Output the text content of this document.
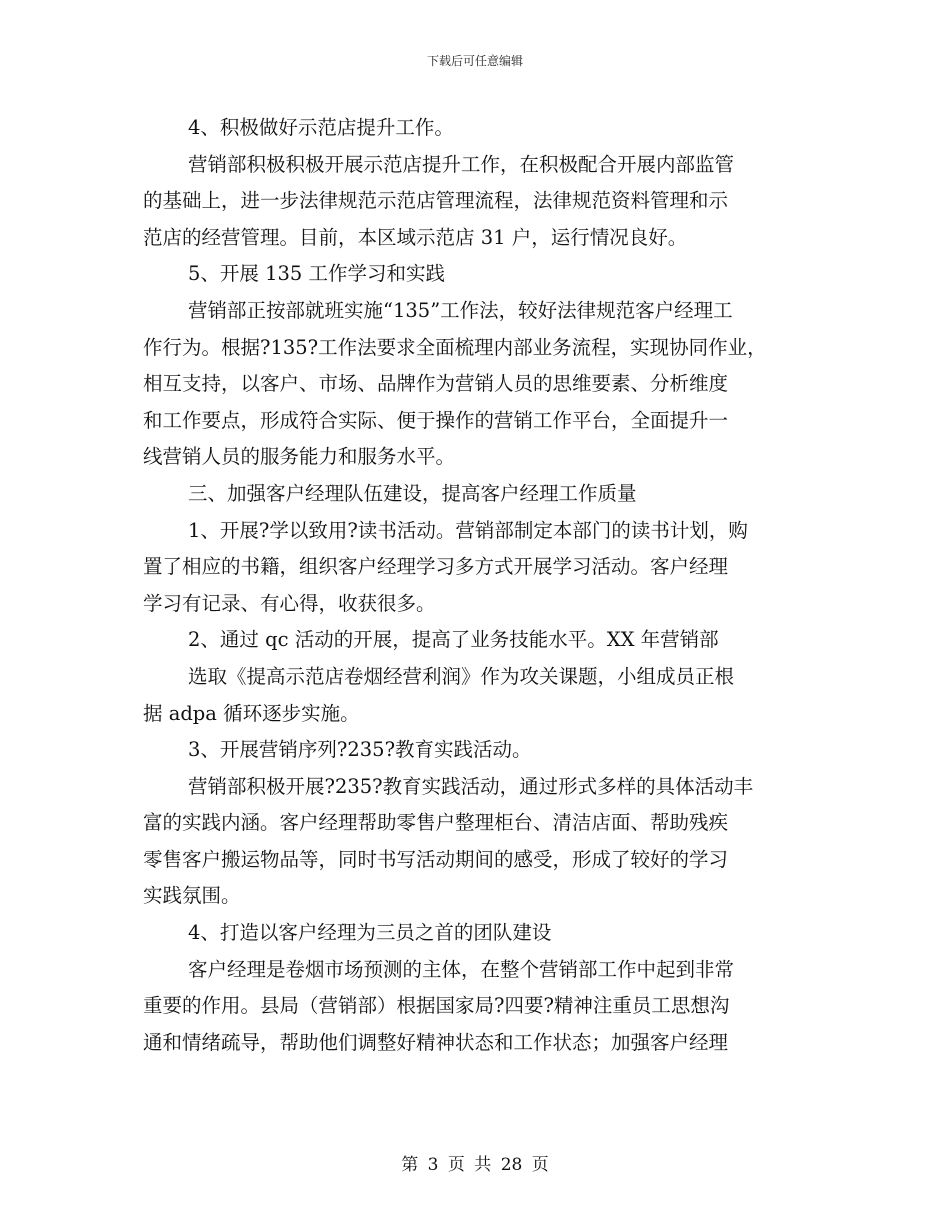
下载后可任意编辑
4、积极做好示范店提升工作。
营销部积极积极开展示范店提升工作，在积极配合开展内部监管
的基础上，进一步法律规范示范店管理流程，法律规范资料管理和示
范店的经营管理。目前，本区域示范店 31 户，运行情况良好。
5、开展 135 工作学习和实践
营销部正按部就班实施“135”工作法，较好法律规范客户经理工
作行为。根据?135?工作法要求全面梳理内部业务流程，实现协同作业，
相互支持，以客户、市场、品牌作为营销人员的思维要素、分析维度
和工作要点，形成符合实际、便于操作的营销工作平台，全面提升一
线营销人员的服务能力和服务水平。
三、加强客户经理队伍建设，提高客户经理工作质量
1、开展?学以致用?读书活动。营销部制定本部门的读书计划，购
置了相应的书籍，组织客户经理学习多方式开展学习活动。客户经理
学习有记录、有心得，收获很多。
2、通过 qc 活动的开展，提高了业务技能水平。XX 年营销部
选取《提高示范店卷烟经营利润》作为攻关课题，小组成员正根
据 adpa 循环逐步实施。
3、开展营销序列?235?教育实践活动。
营销部积极开展?235?教育实践活动，通过形式多样的具体活动丰
富的实践内涵。客户经理帮助零售户整理柜台、清洁店面、帮助残疾
零售客户搬运物品等，同时书写活动期间的感受，形成了较好的学习
实践氛围。
4、打造以客户经理为三员之首的团队建设
客户经理是卷烟市场预测的主体，在整个营销部工作中起到非常
重要的作用。县局（营销部）根据国家局?四要?精神注重员工思想沟
通和情绪疏导，帮助他们调整好精神状态和工作状态；加强客户经理
第 3 页 共 28 页
